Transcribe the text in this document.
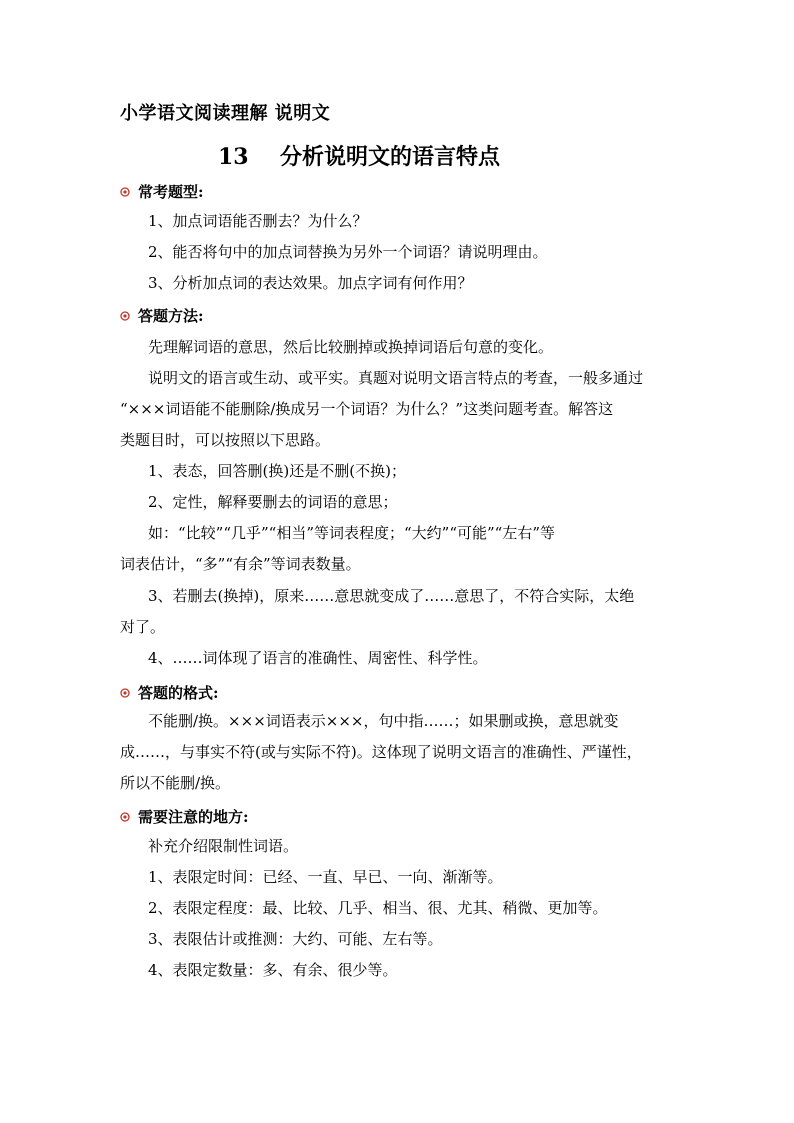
小学语文阅读理解 说明文
13 分析说明文的语言特点
常考题型:
1、加点词语能否删去？为什么？
2、能否将句中的加点词替换为另外一个词语？请说明理由。
3、分析加点词的表达效果。加点字词有何作用？
答题方法:
先理解词语的意思，然后比较删掉或换掉词语后句意的变化。
说明文的语言或生动、或平实。真题对说明文语言特点的考查，一般多通过
“×××词语能不能删除/换成另一个词语？为什么？”这类问题考查。解答这
类题目时，可以按照以下思路。
1、表态，回答删(换)还是不删(不换)；
2、定性，解释要删去的词语的意思；
如：“比较”“几乎”“相当”等词表程度；“大约”“可能”“左右”等
词表估计，“多”“有余”等词表数量。
3、若删去(换掉)，原来……意思就变成了……意思了，不符合实际，太绝
对了。
4、……词体现了语言的准确性、周密性、科学性。
答题的格式:
不能删/换。×××词语表示×××，句中指……；如果删或换，意思就变
成……，与事实不符(或与实际不符)。这体现了说明文语言的准确性、严谨性，
所以不能删/换。
需要注意的地方:
补充介绍限制性词语。
1、表限定时间：已经、一直、早已、一向、渐渐等。
2、表限定程度：最、比较、几乎、相当、很、尤其、稍微、更加等。
3、表限估计或推测：大约、可能、左右等。
4、表限定数量：多、有余、很少等。
